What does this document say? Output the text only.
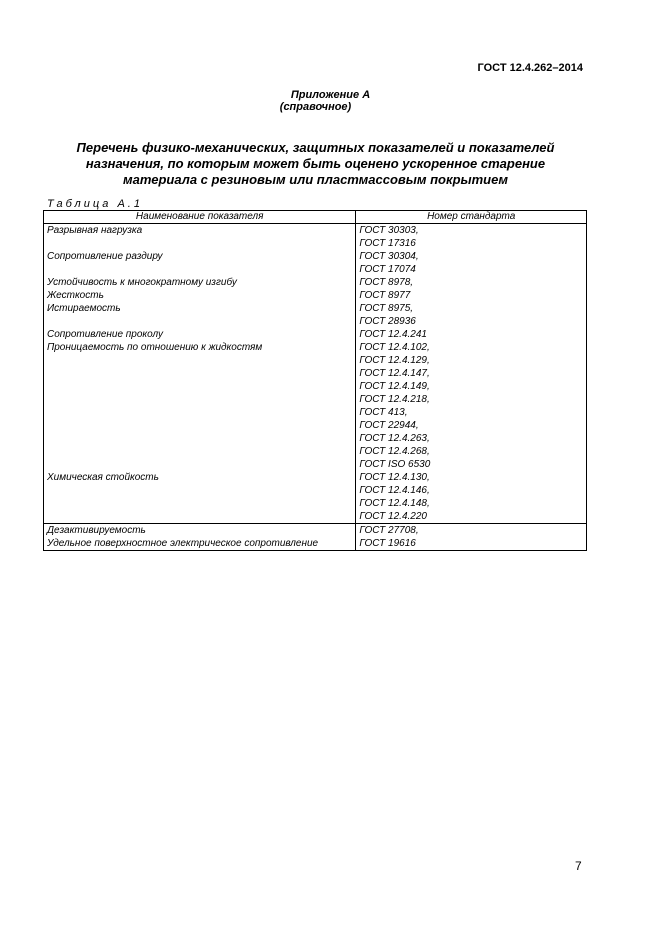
ГОСТ 12.4.262–2014
Приложение А
(справочное)
Перечень физико-механических, защитных показателей и показателей
назначения, по которым может быть оценено ускоренное старение
материала с резиновым или пластмассовым покрытием
Таблица А.1
Наименование показателя	Номер стандарта
Разрывная нагрузка	ГОСТ 30303,
	ГОСТ 17316
Сопротивление раздиру	ГОСТ 30304,
	ГОСТ 17074
Устойчивость к многократному изгибу	ГОСТ 8978,
Жесткость	ГОСТ 8977
Истираемость	ГОСТ 8975,
	ГОСТ 28936
Сопротивление проколу	ГОСТ 12.4.241
Проницаемость по отношению к жидкостям	ГОСТ 12.4.102,
	ГОСТ 12.4.129,
	ГОСТ 12.4.147,
	ГОСТ 12.4.149,
	ГОСТ 12.4.218,
	ГОСТ 413,
	ГОСТ 22944,
	ГОСТ 12.4.263,
	ГОСТ 12.4.268,
	ГОСТ ISO 6530
Химическая стойкость	ГОСТ 12.4.130,
	ГОСТ 12.4.146,
	ГОСТ 12.4.148,
	ГОСТ 12.4.220
Дезактивируемость	ГОСТ 27708,
Удельное поверхностное электрическое сопротивление	ГОСТ 19616
7
